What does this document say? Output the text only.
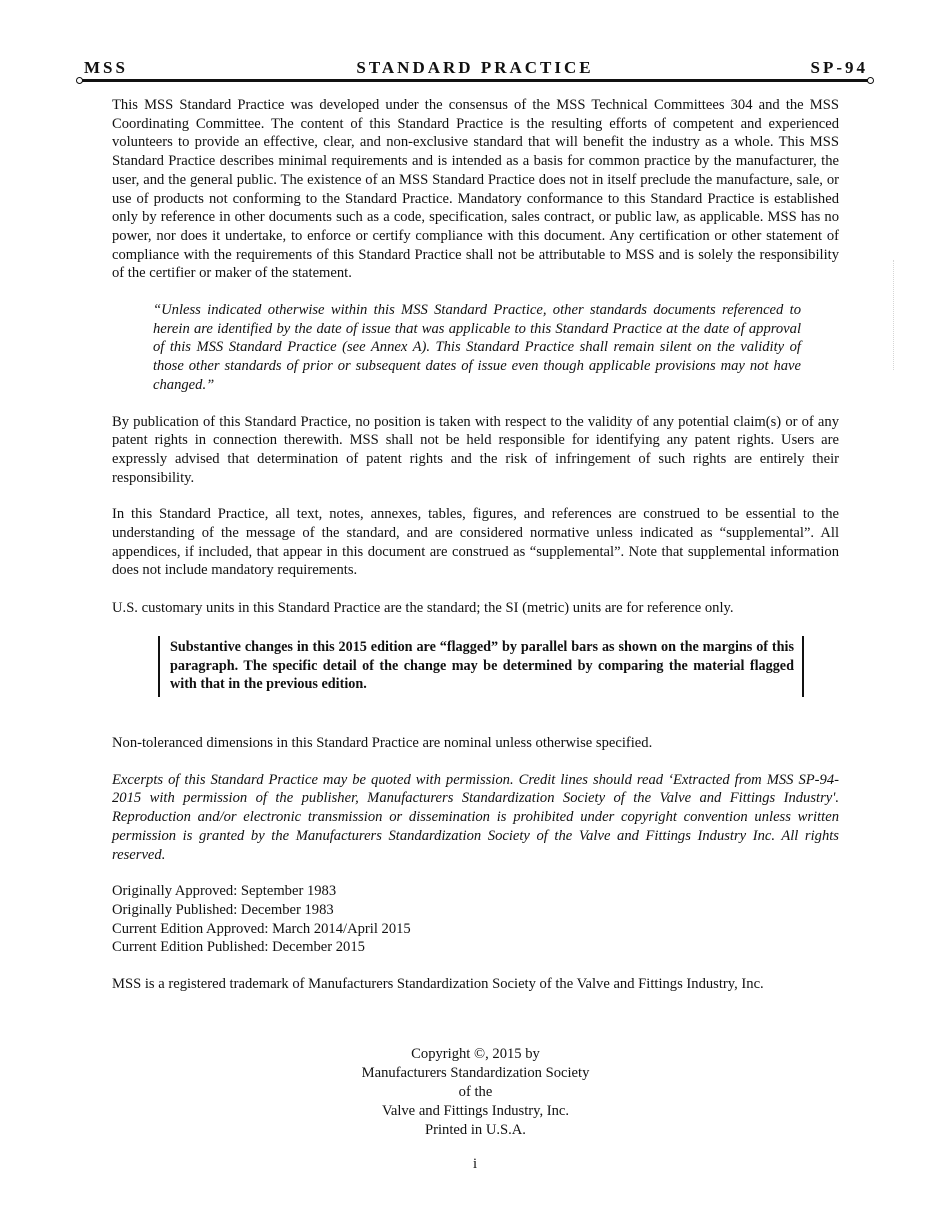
MSS	STANDARD PRACTICE	SP-94

This MSS Standard Practice was developed under the consensus of the MSS Technical Committees 304 and the MSS Coordinating Committee. The content of this Standard Practice is the resulting efforts of competent and experienced volunteers to provide an effective, clear, and non-exclusive standard that will benefit the industry as a whole. This MSS Standard Practice describes minimal requirements and is intended as a basis for common practice by the manufacturer, the user, and the general public. The existence of an MSS Standard Practice does not in itself preclude the manufacture, sale, or use of products not conforming to the Standard Practice. Mandatory conformance to this Standard Practice is established only by reference in other documents such as a code, specification, sales contract, or public law, as applicable. MSS has no power, nor does it undertake, to enforce or certify compliance with this document. Any certification or other statement of compliance with the requirements of this Standard Practice shall not be attributable to MSS and is solely the responsibility of the certifier or maker of the statement.

“Unless indicated otherwise within this MSS Standard Practice, other standards documents referenced to herein are identified by the date of issue that was applicable to this Standard Practice at the date of approval of this MSS Standard Practice (see Annex A). This Standard Practice shall remain silent on the validity of those other standards of prior or subsequent dates of issue even though applicable provisions may not have changed.”

By publication of this Standard Practice, no position is taken with respect to the validity of any potential claim(s) or of any patent rights in connection therewith. MSS shall not be held responsible for identifying any patent rights. Users are expressly advised that determination of patent rights and the risk of infringement of such rights are entirely their responsibility.

In this Standard Practice, all text, notes, annexes, tables, figures, and references are construed to be essential to the understanding of the message of the standard, and are considered normative unless indicated as “supplemental”. All appendices, if included, that appear in this document are construed as “supplemental”. Note that supplemental information does not include mandatory requirements.

U.S. customary units in this Standard Practice are the standard; the SI (metric) units are for reference only.

Substantive changes in this 2015 edition are “flagged” by parallel bars as shown on the margins of this paragraph. The specific detail of the change may be determined by comparing the material flagged with that in the previous edition.

Non-toleranced dimensions in this Standard Practice are nominal unless otherwise specified.

Excerpts of this Standard Practice may be quoted with permission. Credit lines should read ‘Extracted from MSS SP-94-2015 with permission of the publisher, Manufacturers Standardization Society of the Valve and Fittings Industry'. Reproduction and/or electronic transmission or dissemination is prohibited under copyright convention unless written permission is granted by the Manufacturers Standardization Society of the Valve and Fittings Industry Inc. All rights reserved.

Originally Approved: September 1983

Originally Published: December 1983

Current Edition Approved: March 2014/April 2015

Current Edition Published: December 2015

MSS is a registered trademark of Manufacturers Standardization Society of the Valve and Fittings Industry, Inc.

Copyright ©, 2015 by
Manufacturers Standardization Society
of the
Valve and Fittings Industry, Inc.
Printed in U.S.A.
i
